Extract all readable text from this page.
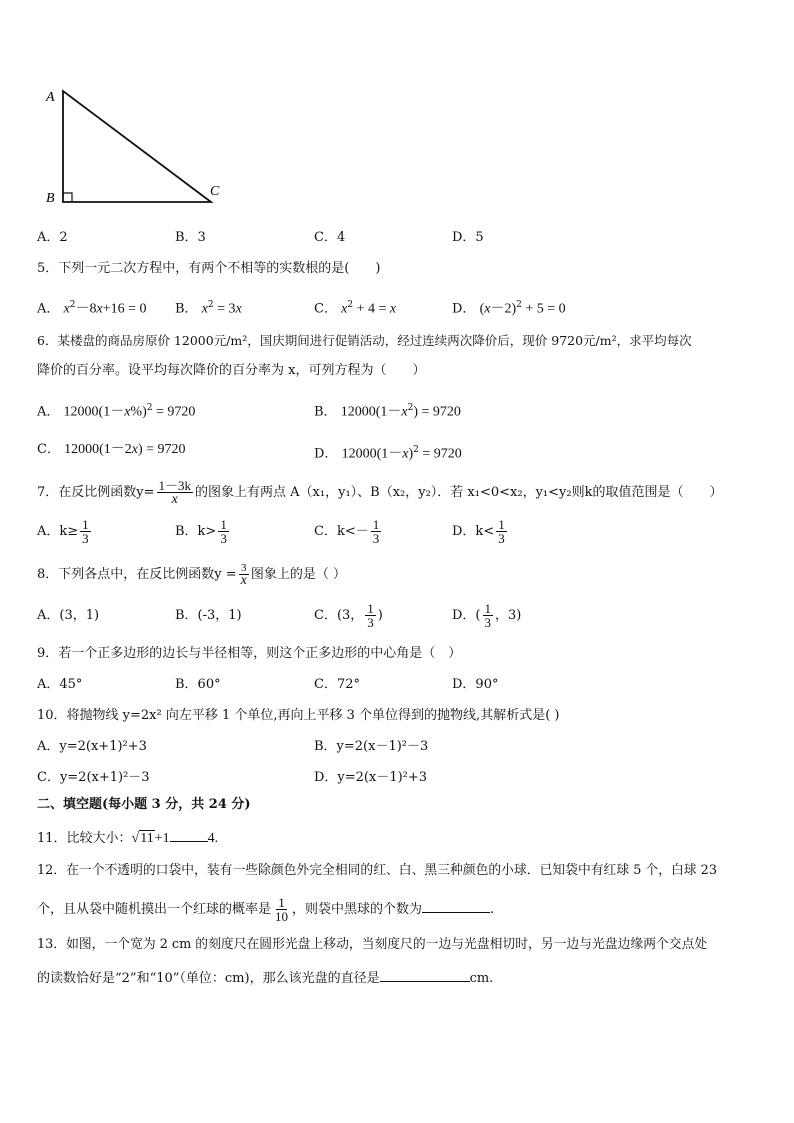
A
B	C
A．2	B．3	C．4	D．5
5．下列一元二次方程中，有两个不相等的实数根的是(　　)
A． $x^2-8x+16 = 0$ B． $x^2 = 3x$	C． $x^2 + 4 = x$	D． $(x-2)^2 + 5 = 0$
6．某楼盘的商品房原价 12000元/m²，国庆期间进行促销活动，经过连续两次降价后，现价 9720元/m²，求平均每次
降价的百分率。设平均每次降价的百分率为 x，可列方程为（　　）
A． $12000(1-x\%)^2 = 9720$	B． $12000(1-x^2) = 9720$
C． 12000(1－2x) = 9720	D． $12000(1-x)^2 = 9720$
7．在反比例函数$y= \frac{1-3k}{x}$ 的图象上有两点 A（x₁，y₁）、B（x₂，y₂）．若 x₁<0<x₂，y₁<y₂则k的取值范围是（　　）
A．$k\ge \frac{1}{3}$	B．$k> \frac{1}{3}$	C．$k<- \frac{1}{3}$	D．$k< \frac{1}{3}$
8．下列各点中，在反比例函数$y = \frac{3}{x}$ 图象上的是（ ）
A．(3，1)	B．(-3，1)	C．(3， $\frac{1}{3}$ )	D．( $\frac{1}{3}$ ，3)
9．若一个正多边形的边长与半径相等，则这个正多边形的中心角是（　）
A．45°	B．60°	C．72°	D．90°
10．将抛物线 y=2x² 向左平移 1 个单位,再向上平移 3 个单位得到的抛物线,其解析式是( )
A．y=2(x+1)²+3	B．y=2(x－1)²－3
C．y=2(x+1)²－3	D．y=2(x－1)²+3
二、填空题(每小题 3 分，共 24 分)
11．比较大小：√11+1	4.
12．在一个不透明的口袋中，装有一些除颜色外完全相同的红、白、黑三种颜色的小球．已知袋中有红球 5 个，白球 23
个，且从袋中随机摸出一个红球的概率是 $\frac{1}{10}$ ，则袋中黑球的个数为	.
13．如图，一个宽为 2 cm 的刻度尺在圆形光盘上移动，当刻度尺的一边与光盘相切时，另一边与光盘边缘两个交点处
的读数恰好是“2”和“10”（单位：cm)，那么该光盘的直径是	cm.
